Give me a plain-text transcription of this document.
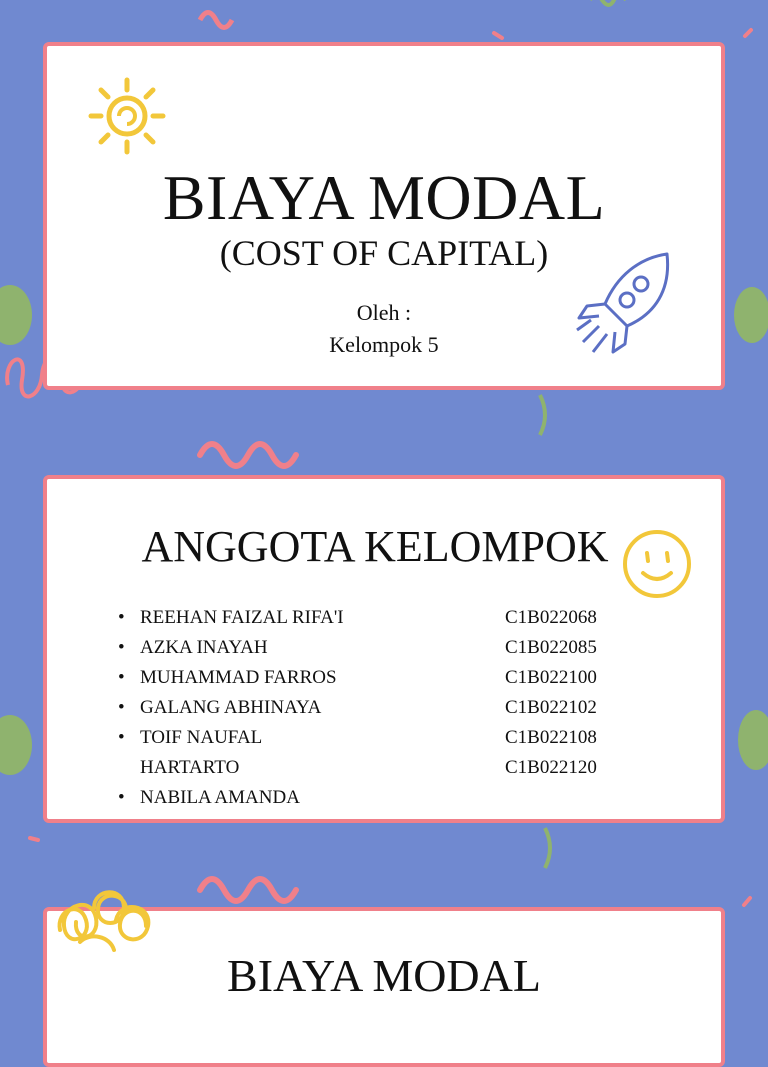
BIAYA MODAL
(COST OF CAPITAL)
Oleh :
Kelompok 5
ANGGOTA KELOMPOK
• REEHAN FAIZAL RIFA'I
• AZKA INAYAH
• MUHAMMAD FARROS
• GALANG ABHINAYA
• TOIF NAUFAL
HARTARTO
• NABILA AMANDA
C1B022068
C1B022085
C1B022100
C1B022102
C1B022108
C1B022120
BIAYA MODAL
